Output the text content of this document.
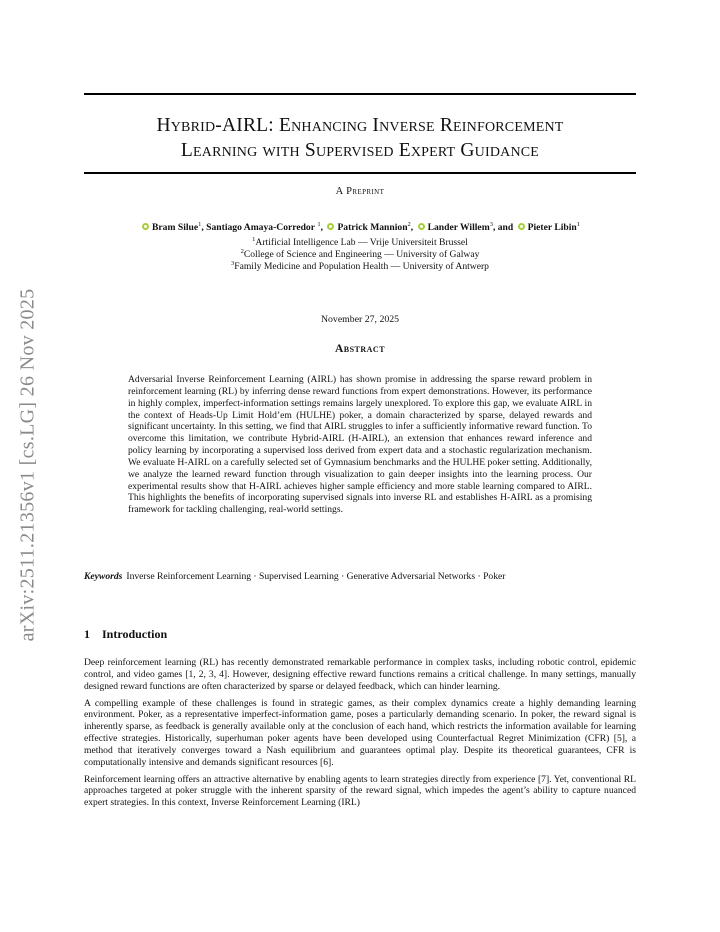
arXiv:2511.21356v1 [cs.LG] 26 Nov 2025
Hybrid-AIRL: Enhancing Inverse Reinforcement
Learning with Supervised Expert Guidance
A Preprint
Bram Silue$^1$, Santiago Amaya-Corredor $^1$, Patrick Mannion$^2$, Lander Willem$^3$, and Pieter Libin$^1$
$^1$Artificial Intelligence Lab — Vrije Universiteit Brussel
$^2$College of Science and Engineering — University of Galway
$^3$Family Medicine and Population Health — University of Antwerp
November 27, 2025
Abstract
Adversarial Inverse Reinforcement Learning (AIRL) has shown promise in addressing the sparse reward problem in reinforcement learning (RL) by inferring dense reward functions from expert demonstrations. However, its performance in highly complex, imperfect-information settings remains largely unexplored. To explore this gap, we evaluate AIRL in the context of Heads-Up Limit Hold’em (HULHE) poker, a domain characterized by sparse, delayed rewards and significant uncertainty. In this setting, we find that AIRL struggles to infer a sufficiently informative reward function. To overcome this limitation, we contribute Hybrid-AIRL (H-AIRL), an extension that enhances reward inference and policy learning by incorporating a supervised loss derived from expert data and a stochastic regularization mechanism. We evaluate H-AIRL on a carefully selected set of Gymnasium benchmarks and the HULHE poker setting. Additionally, we analyze the learned reward function through visualization to gain deeper insights into the learning process. Our experimental results show that H-AIRL achieves higher sample efficiency and more stable learning compared to AIRL. This highlights the benefits of incorporating supervised signals into inverse RL and establishes H-AIRL as a promising framework for tackling challenging, real-world settings.
Keywords Inverse Reinforcement Learning · Supervised Learning · Generative Adversarial Networks · Poker
1 Introduction

Deep reinforcement learning (RL) has recently demonstrated remarkable performance in complex tasks, including robotic control, epidemic control, and video games [1, 2, 3, 4]. However, designing effective reward functions remains a critical challenge. In many settings, manually designed reward functions are often characterized by sparse or delayed feedback, which can hinder learning.

A compelling example of these challenges is found in strategic games, as their complex dynamics create a highly demanding learning environment. Poker, as a representative imperfect-information game, poses a particularly demanding scenario. In poker, the reward signal is inherently sparse, as feedback is generally available only at the conclusion of each hand, which restricts the information available for learning effective strategies. Historically, superhuman poker agents have been developed using Counterfactual Regret Minimization (CFR) [5], a method that iteratively converges toward a Nash equilibrium and guarantees optimal play. Despite its theoretical guarantees, CFR is computationally intensive and demands significant resources [6].

Reinforcement learning offers an attractive alternative by enabling agents to learn strategies directly from experience [7]. Yet, conventional RL approaches targeted at poker struggle with the inherent sparsity of the reward signal, which impedes the agent’s ability to capture nuanced expert strategies. In this context, Inverse Reinforcement Learning (IRL)
